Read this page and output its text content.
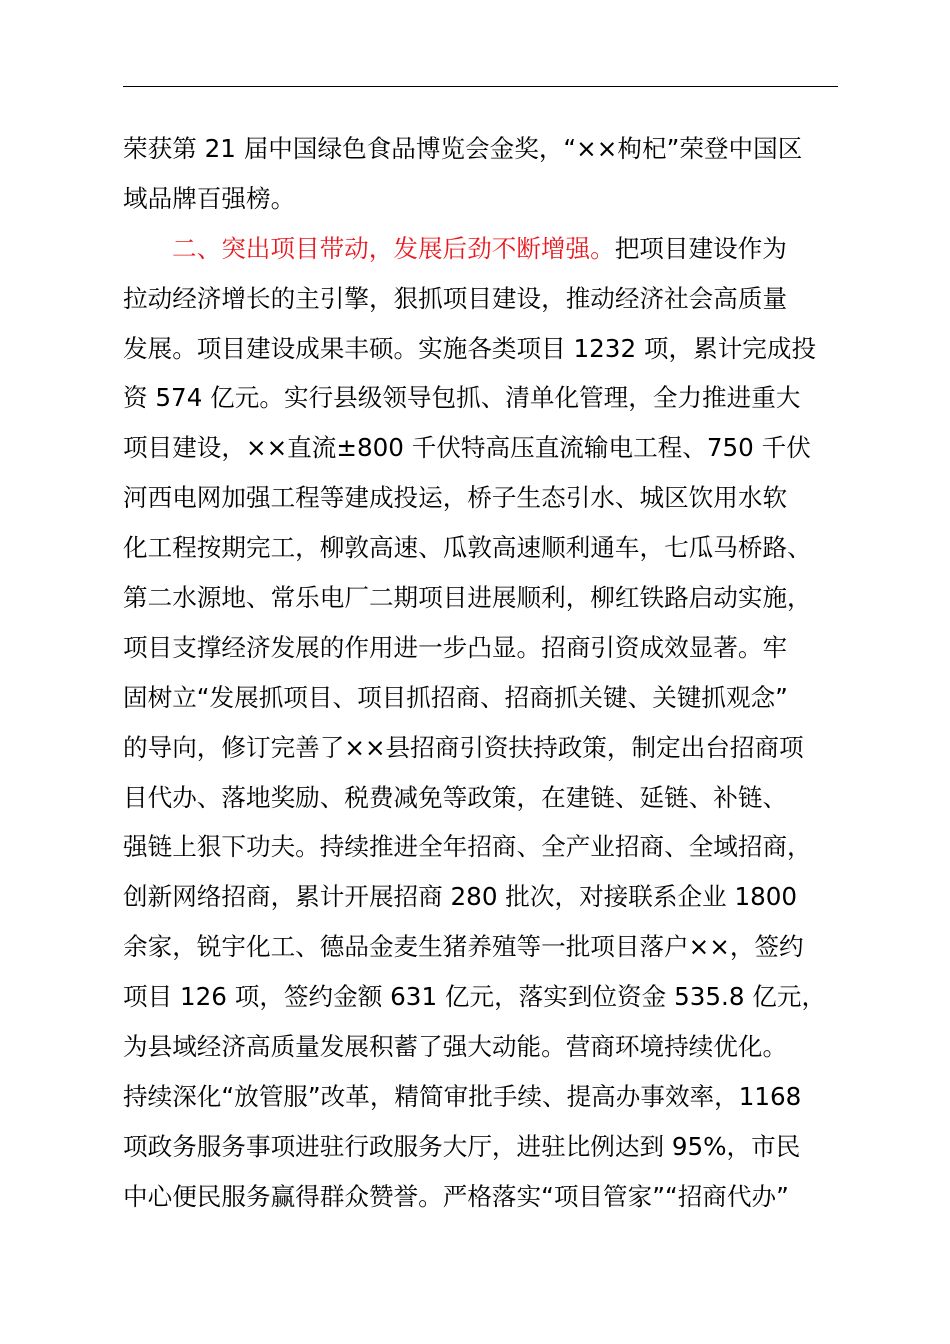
荣获第 21 届中国绿色食品博览会金奖，“××枸杞”荣登中国区
域品牌百强榜。
二、突出项目带动，发展后劲不断增强。把项目建设作为
拉动经济增长的主引擎，狠抓项目建设，推动经济社会高质量
发展。项目建设成果丰硕。实施各类项目 1232 项，累计完成投
资 574 亿元。实行县级领导包抓、清单化管理，全力推进重大
项目建设，××直流±800 千伏特高压直流输电工程、750 千伏
河西电网加强工程等建成投运，桥子生态引水、城区饮用水软
化工程按期完工，柳敦高速、瓜敦高速顺利通车，七瓜马桥路、
第二水源地、常乐电厂二期项目进展顺利，柳红铁路启动实施，
项目支撑经济发展的作用进一步凸显。招商引资成效显著。牢
固树立“发展抓项目、项目抓招商、招商抓关键、关键抓观念”
的导向，修订完善了××县招商引资扶持政策，制定出台招商项
目代办、落地奖励、税费减免等政策，在建链、延链、补链、
强链上狠下功夫。持续推进全年招商、全产业招商、全域招商，
创新网络招商，累计开展招商 280 批次，对接联系企业 1800
余家，锐宇化工、德品金麦生猪养殖等一批项目落户××，签约
项目 126 项，签约金额 631 亿元，落实到位资金 535.8 亿元，
为县域经济高质量发展积蓄了强大动能。营商环境持续优化。
持续深化“放管服”改革，精简审批手续、提高办事效率，1168
项政务服务事项进驻行政服务大厅，进驻比例达到 95%，市民
中心便民服务赢得群众赞誉。严格落实“项目管家”“招商代办”
